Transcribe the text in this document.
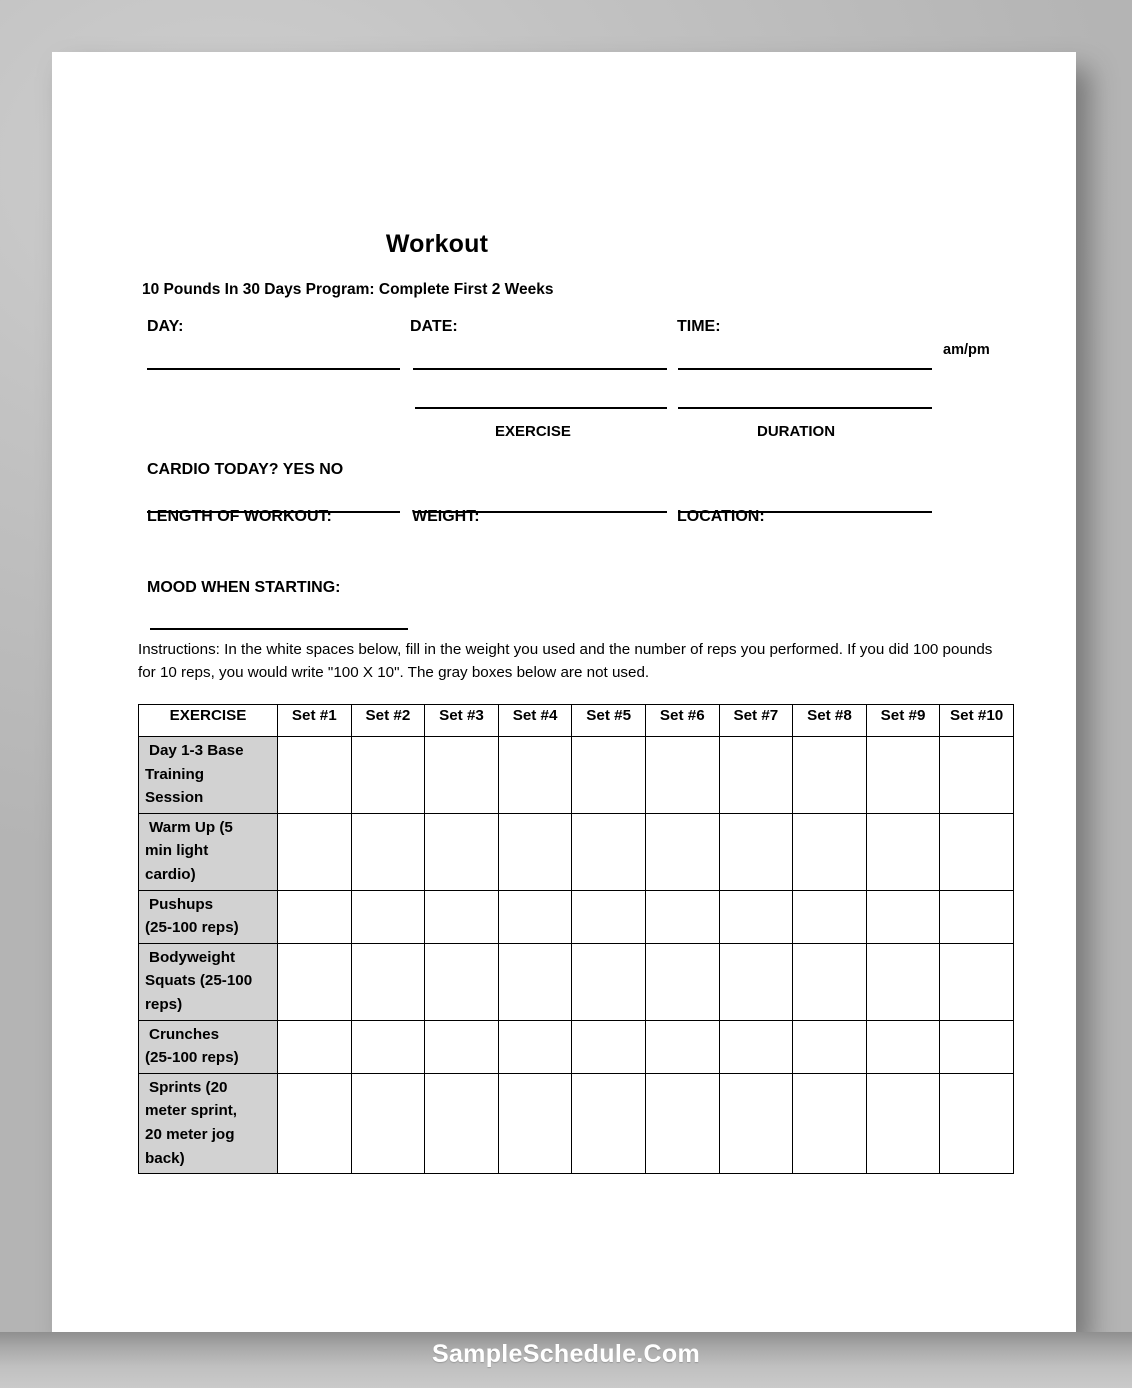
Workout
10 Pounds In 30 Days Program: Complete First 2 Weeks
DAY:	DATE:	TIME:
am/pm
CARDIO TODAY? YES NO
EXERCISE	DURATION
LENGTH OF WORKOUT:	WEIGHT:	LOCATION:
MOOD WHEN STARTING:
Instructions: In the white spaces below, fill in the weight you used and the number of reps you performed. If you did 100 pounds for 10 reps, you would write "100 X 10". The gray boxes below are not used.
EXERCISE	Set #1	Set #2	Set #3	Set #4	Set #5	Set #6	Set #7	Set #8	Set #9	Set #10

Day 1-3 Base
Training
Session										

Warm Up (5
min light
cardio)										

Pushups
(25-100 reps)										

Bodyweight
Squats (25-100
reps)										

Crunches
(25-100 reps)										

Sprints (20
meter sprint,
20 meter jog
back)										

SampleSchedule.Com
